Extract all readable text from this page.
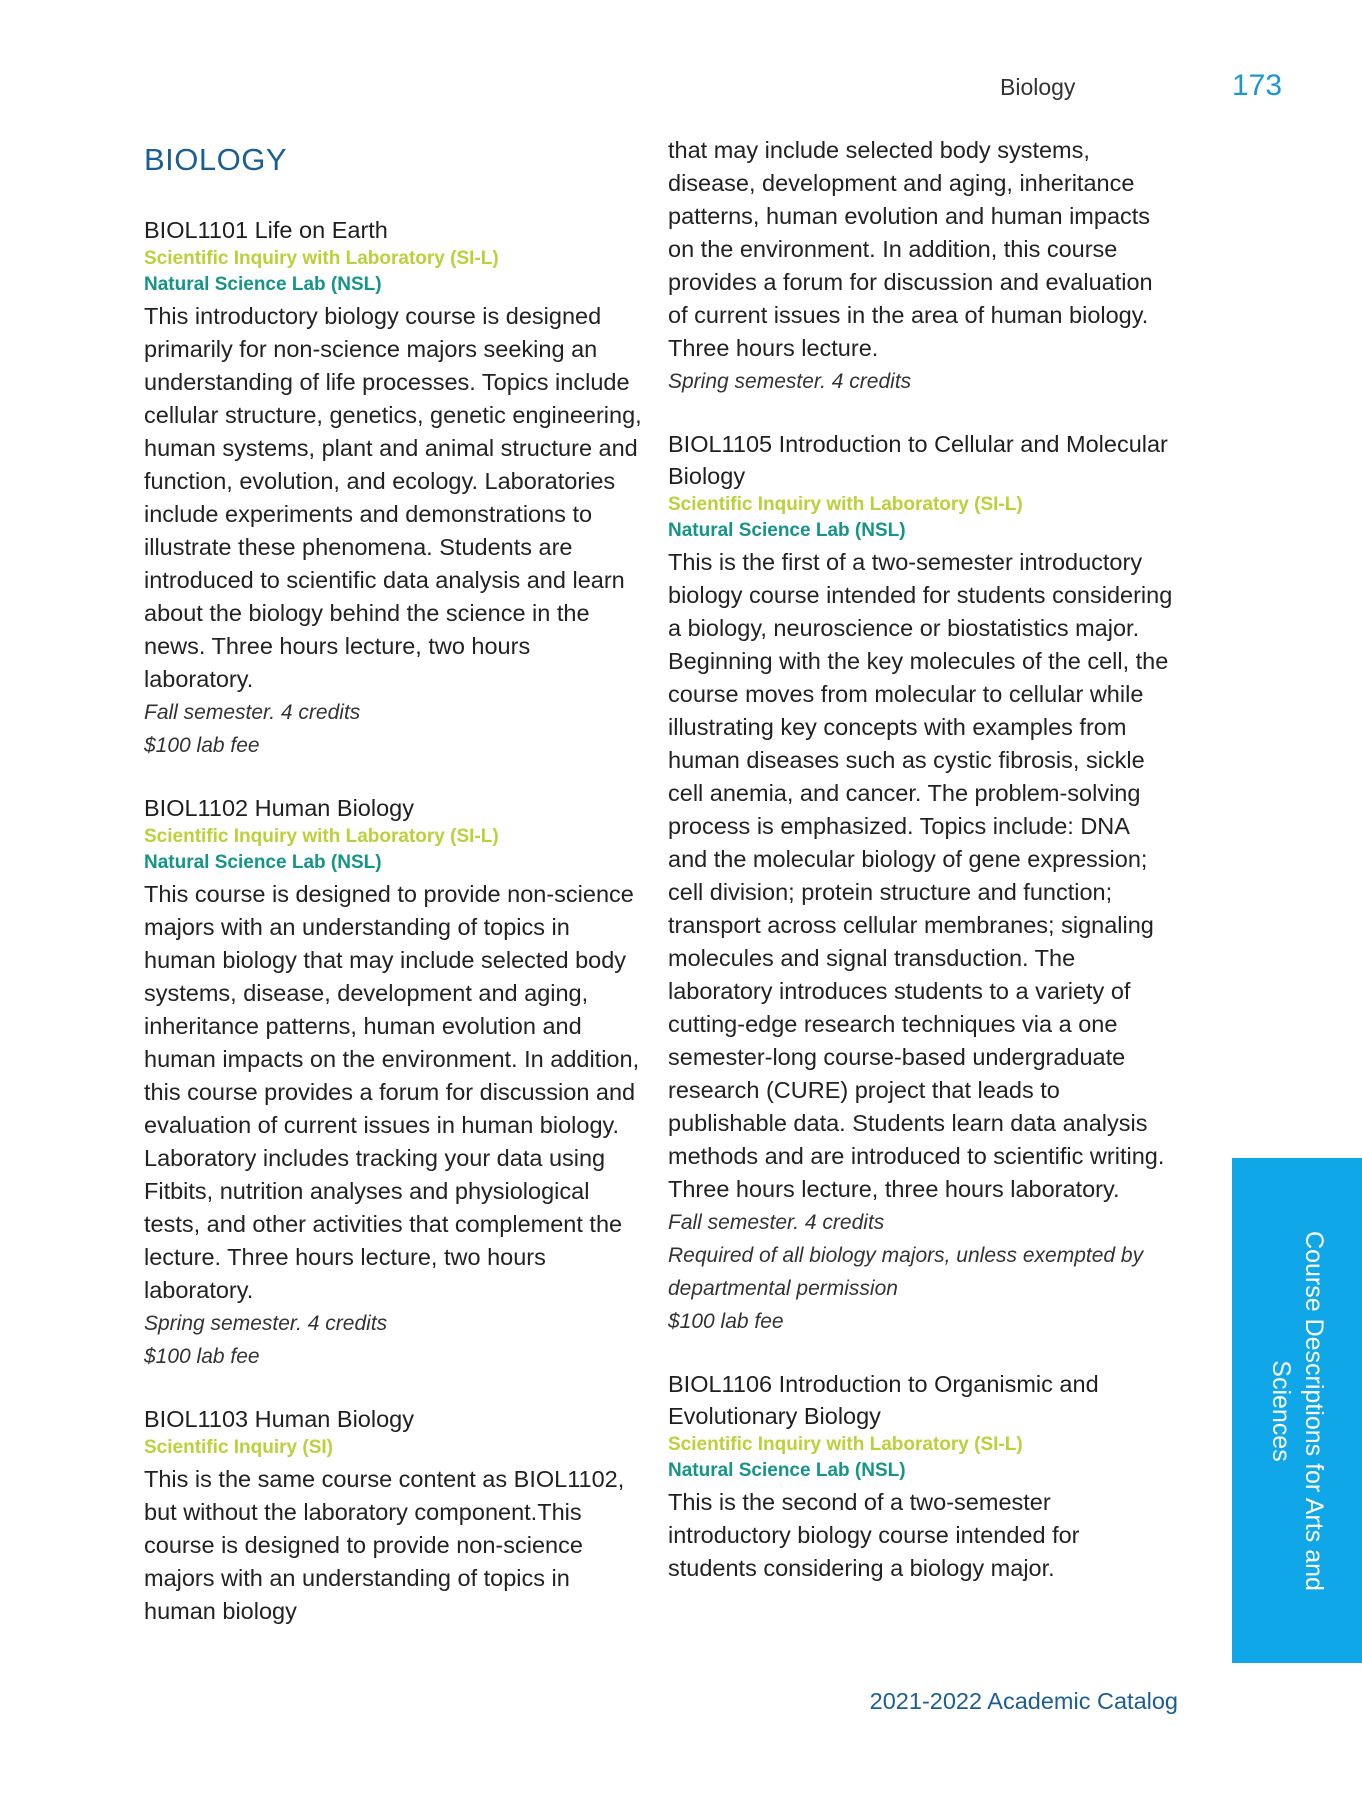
Biology	173
BIOLOGY
BIOL1101 Life on Earth
Scientific Inquiry with Laboratory (SI-L)
Natural Science Lab (NSL)
This introductory biology course is designed primarily for non-science majors seeking an understanding of life processes. Topics include cellular structure, genetics, genetic engineering, human systems, plant and animal structure and function, evolution, and ecology. Laboratories include experiments and demonstrations to illustrate these phenomena. Students are introduced to scientific data analysis and learn about the biology behind the science in the news. Three hours lecture, two hours laboratory.
Fall semester. 4 credits
$100 lab fee
BIOL1102 Human Biology
Scientific Inquiry with Laboratory (SI-L)
Natural Science Lab (NSL)
This course is designed to provide non-science majors with an understanding of topics in human biology that may include selected body systems, disease, development and aging, inheritance patterns, human evolution and human impacts on the environment. In addition, this course provides a forum for discussion and evaluation of current issues in human biology. Laboratory includes tracking your data using Fitbits, nutrition analyses and physiological tests, and other activities that complement the lecture. Three hours lecture, two hours laboratory.
Spring semester. 4 credits
$100 lab fee
BIOL1103 Human Biology
Scientific Inquiry (SI)
This is the same course content as BIOL1102, but without the laboratory component.This course is designed to provide non-science majors with an understanding of topics in human biology
that may include selected body systems, disease, development and aging, inheritance patterns, human evolution and human impacts on the environment. In addition, this course provides a forum for discussion and evaluation of current issues in the area of human biology. Three hours lecture.
Spring semester. 4 credits
BIOL1105 Introduction to Cellular and Molecular Biology
Scientific Inquiry with Laboratory (SI-L)
Natural Science Lab (NSL)
This is the first of a two-semester introductory biology course intended for students considering a biology, neuroscience or biostatistics major. Beginning with the key molecules of the cell, the course moves from molecular to cellular while illustrating key concepts with examples from human diseases such as cystic fibrosis, sickle cell anemia, and cancer. The problem-solving process is emphasized. Topics include: DNA and the molecular biology of gene expression; cell division; protein structure and function; transport across cellular membranes; signaling molecules and signal transduction. The laboratory introduces students to a variety of cutting-edge research techniques via a one semester-long course-based undergraduate research (CURE) project that leads to publishable data. Students learn data analysis methods and are introduced to scientific writing. Three hours lecture, three hours laboratory.
Fall semester. 4 credits
Required of all biology majors, unless exempted by departmental permission
$100 lab fee
BIOL1106 Introduction to Organismic and Evolutionary Biology
Scientific Inquiry with Laboratory (SI-L)
Natural Science Lab (NSL)
This is the second of a two-semester introductory biology course intended for students considering a biology major.	Course Descriptions for Arts and Sciences
2021-2022 Academic Catalog
